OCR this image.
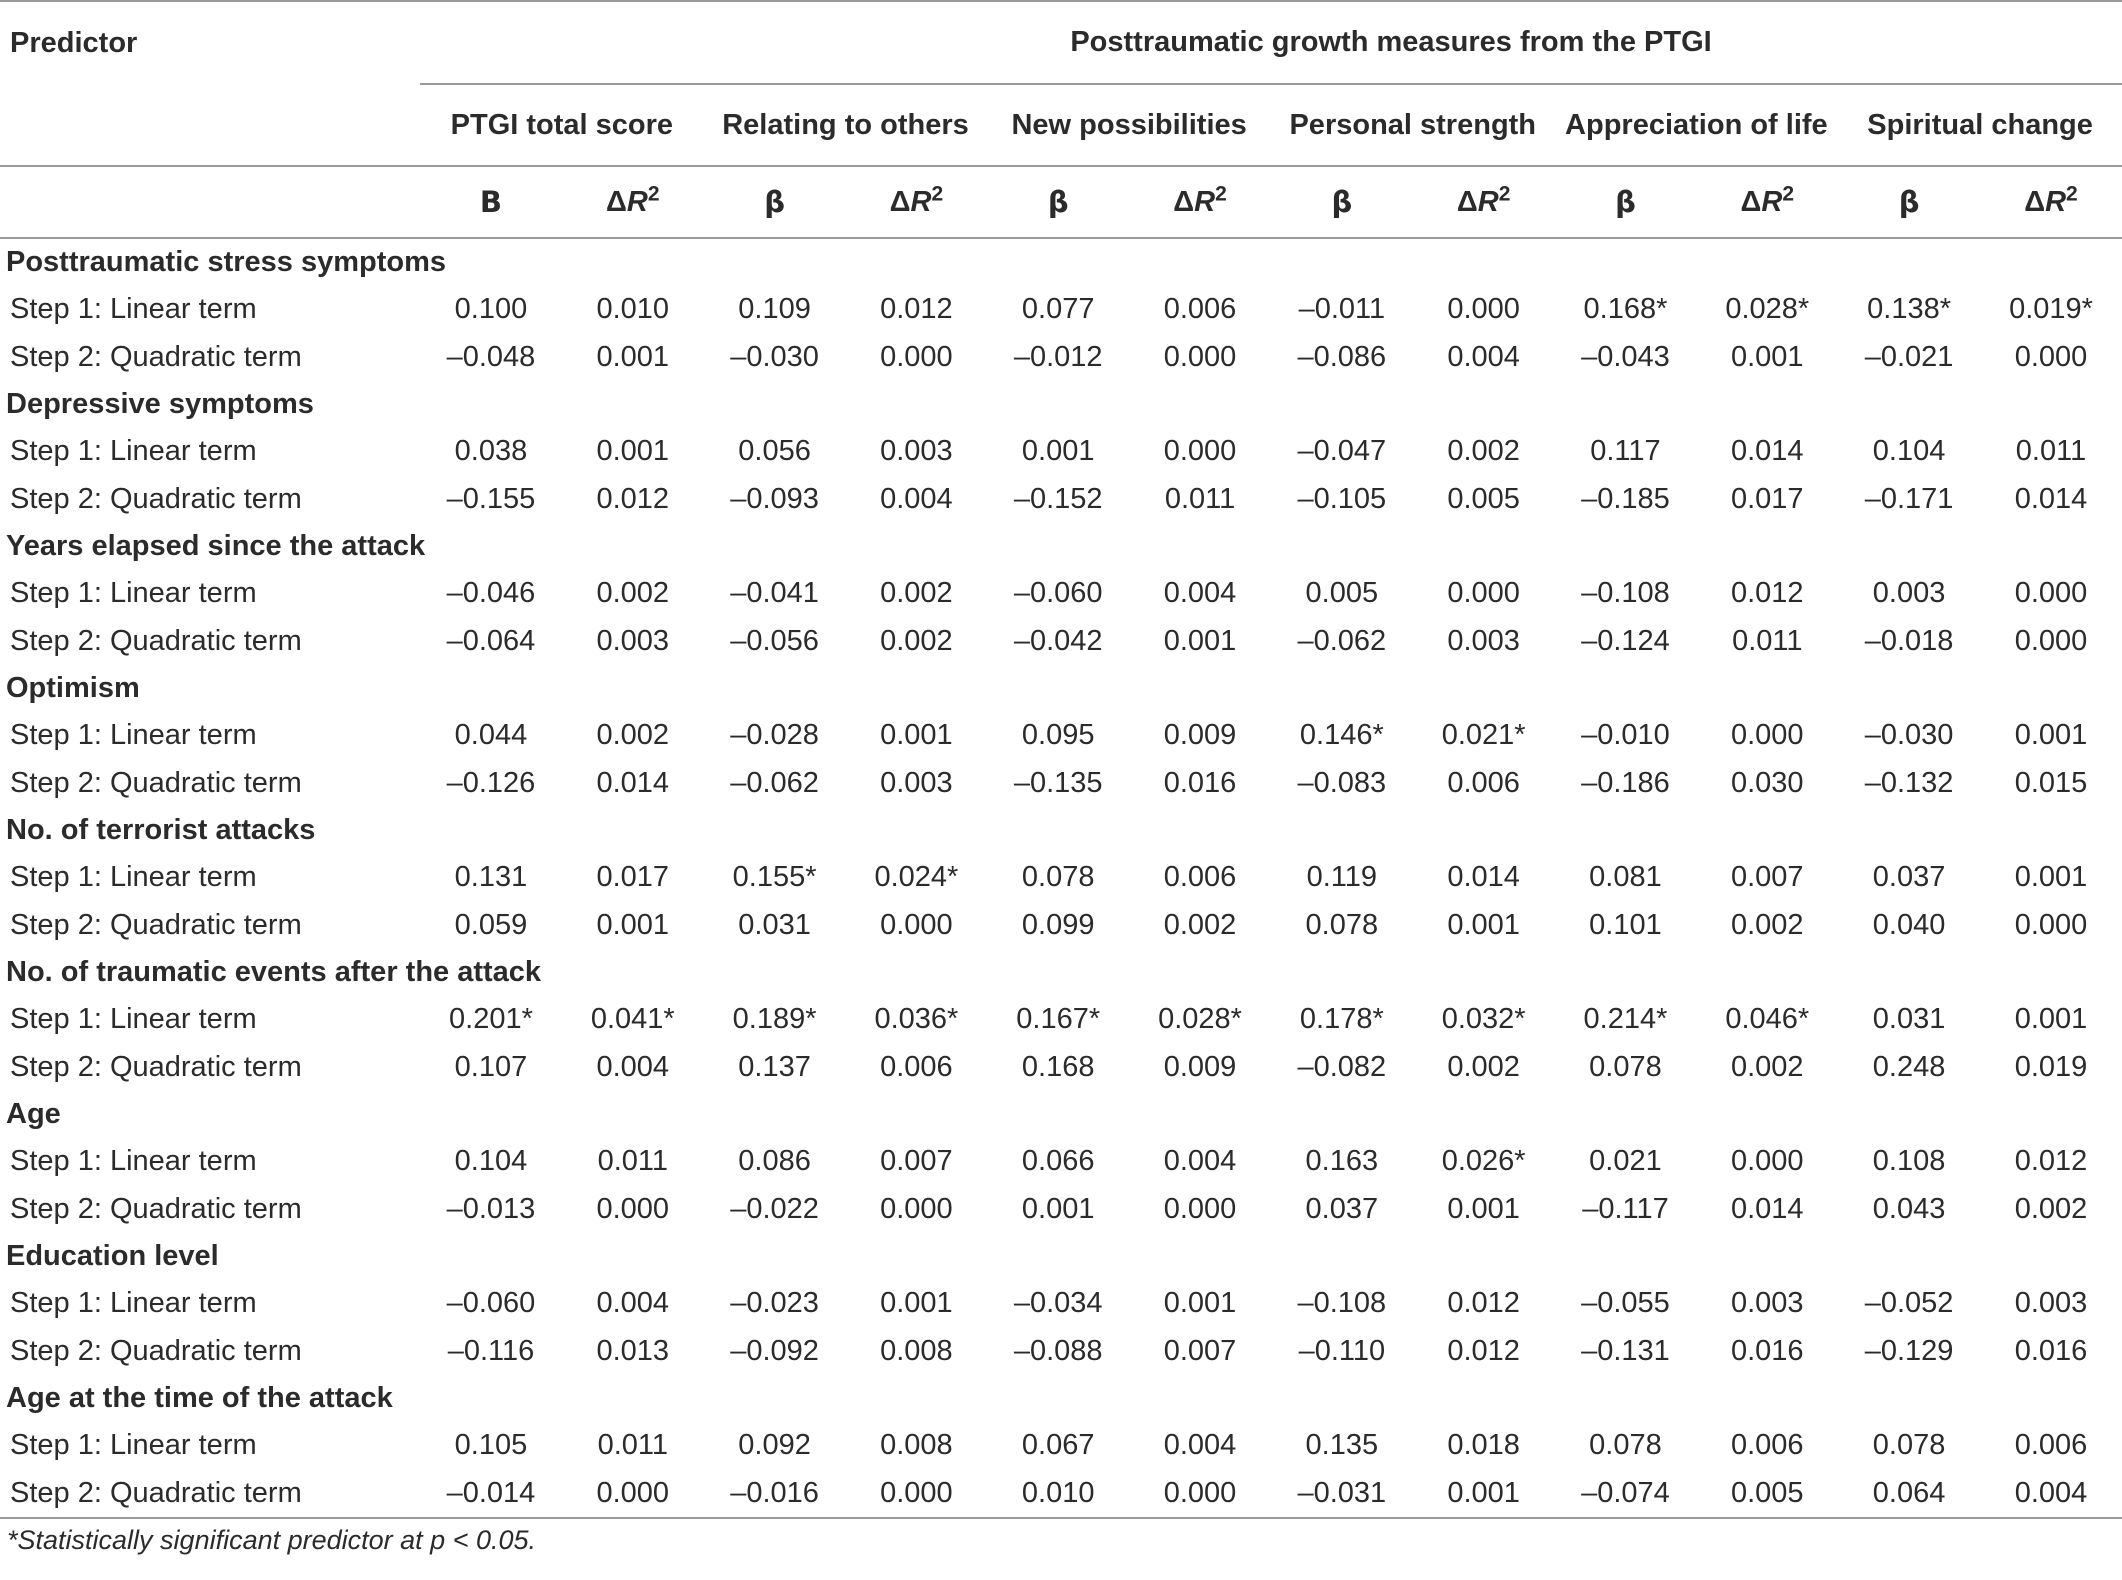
Predictor	Posttraumatic growth measures from the PTGI											
	PTGI total score		Relating to others		New possibilities		Personal strength		Appreciation of life		Spiritual change	
	B	$\Delta R^2$	β	$\Delta R^2$	β	$\Delta R^2$	β	$\Delta R^2$	β	$\Delta R^2$	β	$\Delta R^2$
Posttraumatic stress symptoms												
Step 1: Linear term	0.100	0.010	0.109	0.012	0.077	0.006	–0.011	0.000	0.168*	0.028*	0.138*	0.019*
Step 2: Quadratic term	–0.048	0.001	–0.030	0.000	–0.012	0.000	–0.086	0.004	–0.043	0.001	–0.021	0.000
Depressive symptoms												
Step 1: Linear term	0.038	0.001	0.056	0.003	0.001	0.000	–0.047	0.002	0.117	0.014	0.104	0.011
Step 2: Quadratic term	–0.155	0.012	–0.093	0.004	–0.152	0.011	–0.105	0.005	–0.185	0.017	–0.171	0.014
Years elapsed since the attack												
Step 1: Linear term	–0.046	0.002	–0.041	0.002	–0.060	0.004	0.005	0.000	–0.108	0.012	0.003	0.000
Step 2: Quadratic term	–0.064	0.003	–0.056	0.002	–0.042	0.001	–0.062	0.003	–0.124	0.011	–0.018	0.000
Optimism												
Step 1: Linear term	0.044	0.002	–0.028	0.001	0.095	0.009	0.146*	0.021*	–0.010	0.000	–0.030	0.001
Step 2: Quadratic term	–0.126	0.014	–0.062	0.003	–0.135	0.016	–0.083	0.006	–0.186	0.030	–0.132	0.015
No. of terrorist attacks												
Step 1: Linear term	0.131	0.017	0.155*	0.024*	0.078	0.006	0.119	0.014	0.081	0.007	0.037	0.001
Step 2: Quadratic term	0.059	0.001	0.031	0.000	0.099	0.002	0.078	0.001	0.101	0.002	0.040	0.000
No. of traumatic events after the attack												
Step 1: Linear term	0.201*	0.041*	0.189*	0.036*	0.167*	0.028*	0.178*	0.032*	0.214*	0.046*	0.031	0.001
Step 2: Quadratic term	0.107	0.004	0.137	0.006	0.168	0.009	–0.082	0.002	0.078	0.002	0.248	0.019
Age												
Step 1: Linear term	0.104	0.011	0.086	0.007	0.066	0.004	0.163	0.026*	0.021	0.000	0.108	0.012
Step 2: Quadratic term	–0.013	0.000	–0.022	0.000	0.001	0.000	0.037	0.001	–0.117	0.014	0.043	0.002
Education level												
Step 1: Linear term	–0.060	0.004	–0.023	0.001	–0.034	0.001	–0.108	0.012	–0.055	0.003	–0.052	0.003
Step 2: Quadratic term	–0.116	0.013	–0.092	0.008	–0.088	0.007	–0.110	0.012	–0.131	0.016	–0.129	0.016
Age at the time of the attack												
Step 1: Linear term	0.105	0.011	0.092	0.008	0.067	0.004	0.135	0.018	0.078	0.006	0.078	0.006
Step 2: Quadratic term	–0.014	0.000	–0.016	0.000	0.010	0.000	–0.031	0.001	–0.074	0.005	0.064	0.004
*Statistically significant predictor at p < 0.05.
